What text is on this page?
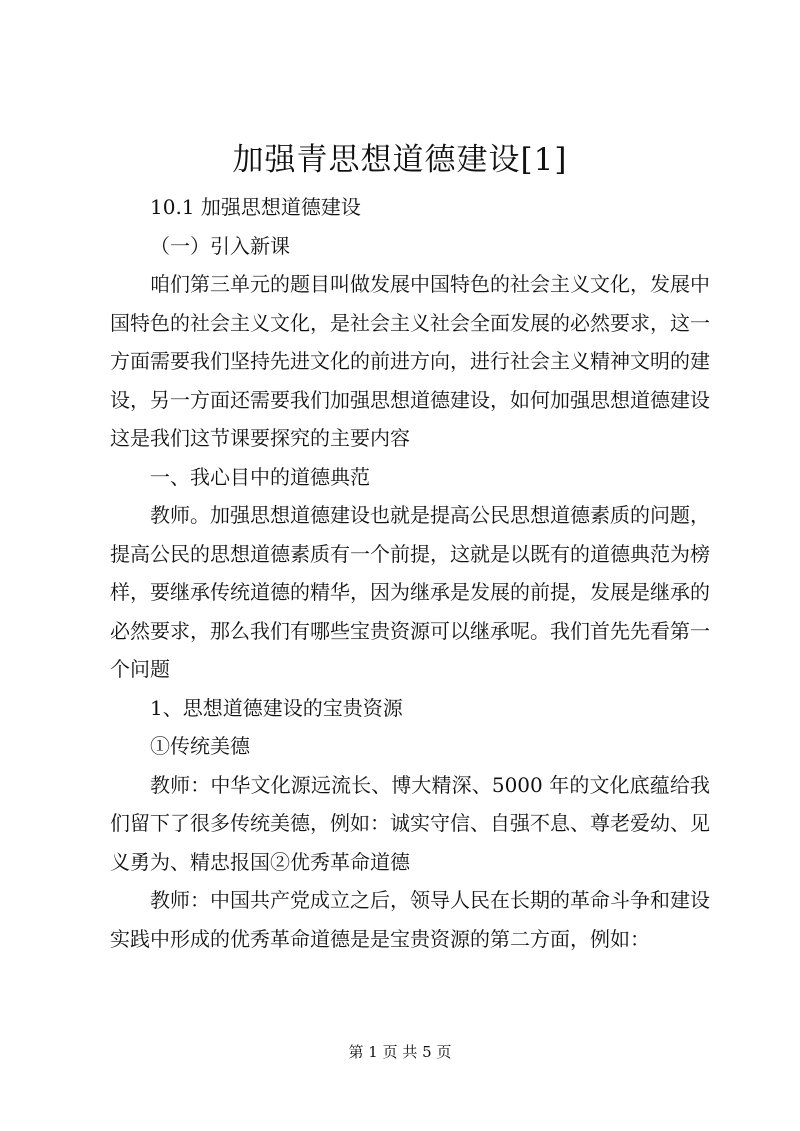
加强青思想道德建设[1]

10.1 加强思想道德建设

（一）引入新课

咱们第三单元的题目叫做发展中国特色的社会主义文化，发展中国特色的社会主义文化，是社会主义社会全面发展的必然要求，这一方面需要我们坚持先进文化的前进方向，进行社会主义精神文明的建设，另一方面还需要我们加强思想道德建设，如何加强思想道德建设这是我们这节课要探究的主要内容

一、我心目中的道德典范

教师。加强思想道德建设也就是提高公民思想道德素质的问题，提高公民的思想道德素质有一个前提，这就是以既有的道德典范为榜样，要继承传统道德的精华，因为继承是发展的前提，发展是继承的必然要求，那么我们有哪些宝贵资源可以继承呢。我们首先先看第一个问题

1、思想道德建设的宝贵资源

①传统美德

教师：中华文化源远流长、博大精深、5000 年的文化底蕴给我们留下了很多传统美德，例如：诚实守信、自强不息、尊老爱幼、见义勇为、精忠报国②优秀革命道德

教师：中国共产党成立之后，领导人民在长期的革命斗争和建设实践中形成的优秀革命道德是是宝贵资源的第二方面，例如：

第 1 页 共 5 页
